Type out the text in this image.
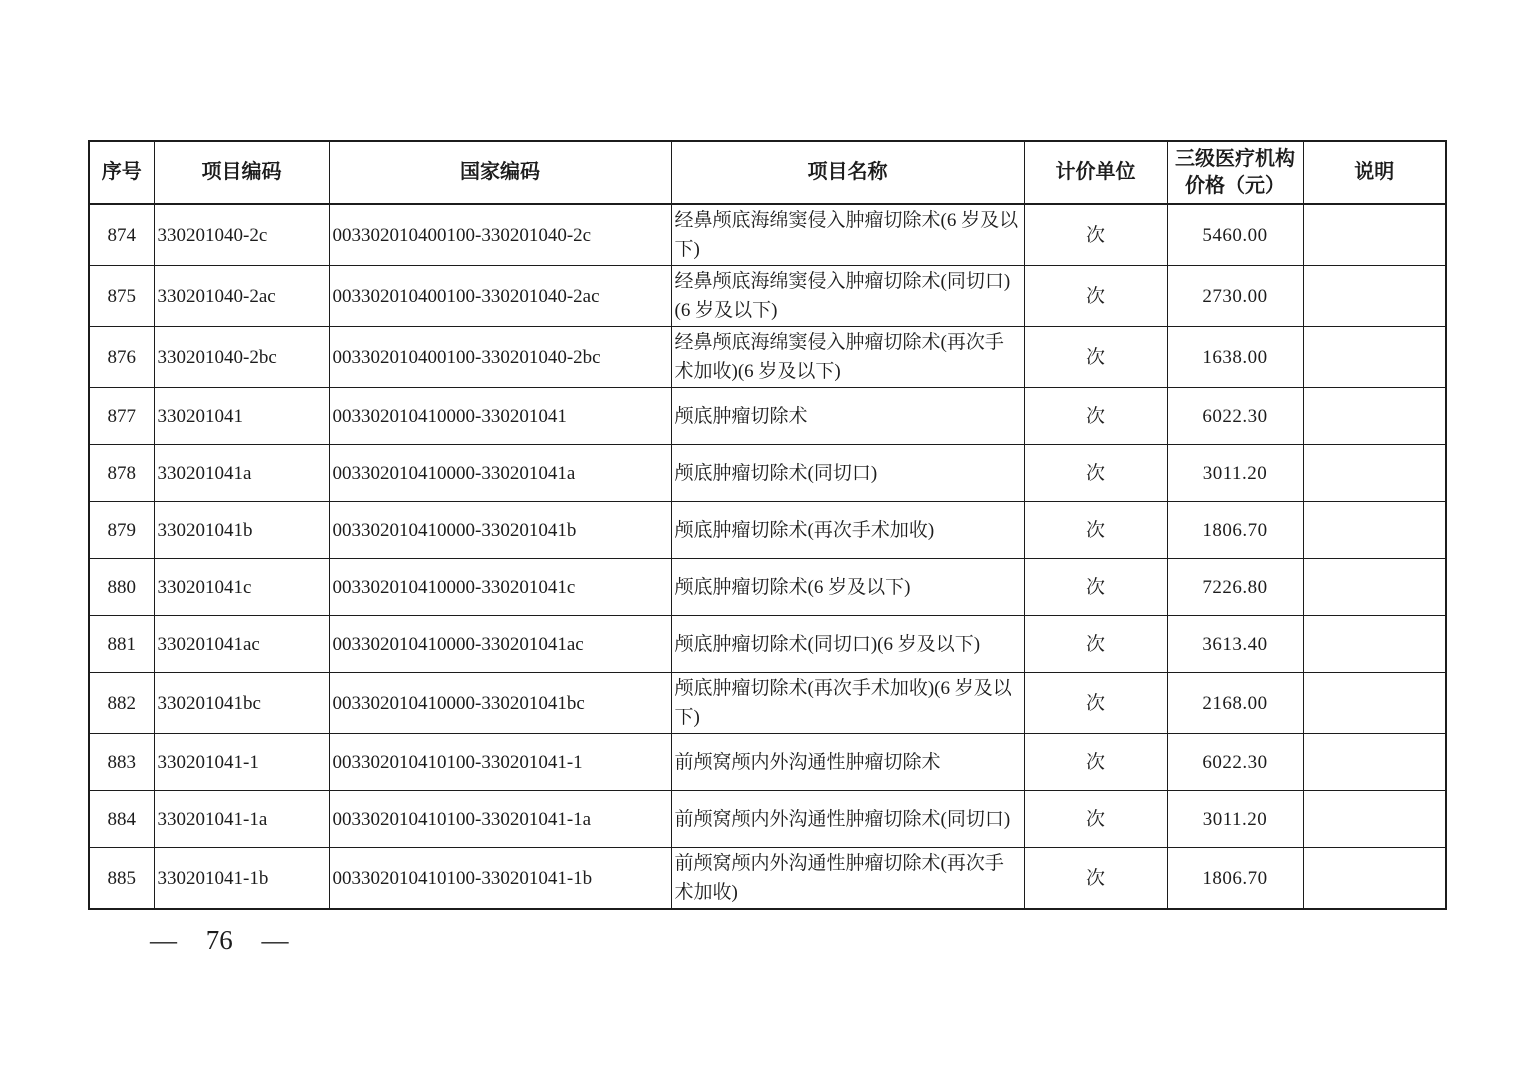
序号	项目编码	国家编码	项目名称	计价单位	三级医疗机构价格（元）	说明
874	330201040-2c	003302010400100-330201040-2c	经鼻颅底海绵窦侵入肿瘤切除术(6 岁及以下)	次	5460.00	
875	330201040-2ac	003302010400100-330201040-2ac	经鼻颅底海绵窦侵入肿瘤切除术(同切口)(6 岁及以下)	次	2730.00	
876	330201040-2bc	003302010400100-330201040-2bc	经鼻颅底海绵窦侵入肿瘤切除术(再次手术加收)(6 岁及以下)	次	1638.00	
877	330201041	003302010410000-330201041	颅底肿瘤切除术	次	6022.30	
878	330201041a	003302010410000-330201041a	颅底肿瘤切除术(同切口)	次	3011.20	
879	330201041b	003302010410000-330201041b	颅底肿瘤切除术(再次手术加收)	次	1806.70	
880	330201041c	003302010410000-330201041c	颅底肿瘤切除术(6 岁及以下)	次	7226.80	
881	330201041ac	003302010410000-330201041ac	颅底肿瘤切除术(同切口)(6 岁及以下)	次	3613.40	
882	330201041bc	003302010410000-330201041bc	颅底肿瘤切除术(再次手术加收)(6 岁及以下)	次	2168.00	
883	330201041-1	003302010410100-330201041-1	前颅窝颅内外沟通性肿瘤切除术	次	6022.30	
884	330201041-1a	003302010410100-330201041-1a	前颅窝颅内外沟通性肿瘤切除术(同切口)	次	3011.20	
885	330201041-1b	003302010410100-330201041-1b	前颅窝颅内外沟通性肿瘤切除术(再次手术加收)	次	1806.70	
— 76 —
